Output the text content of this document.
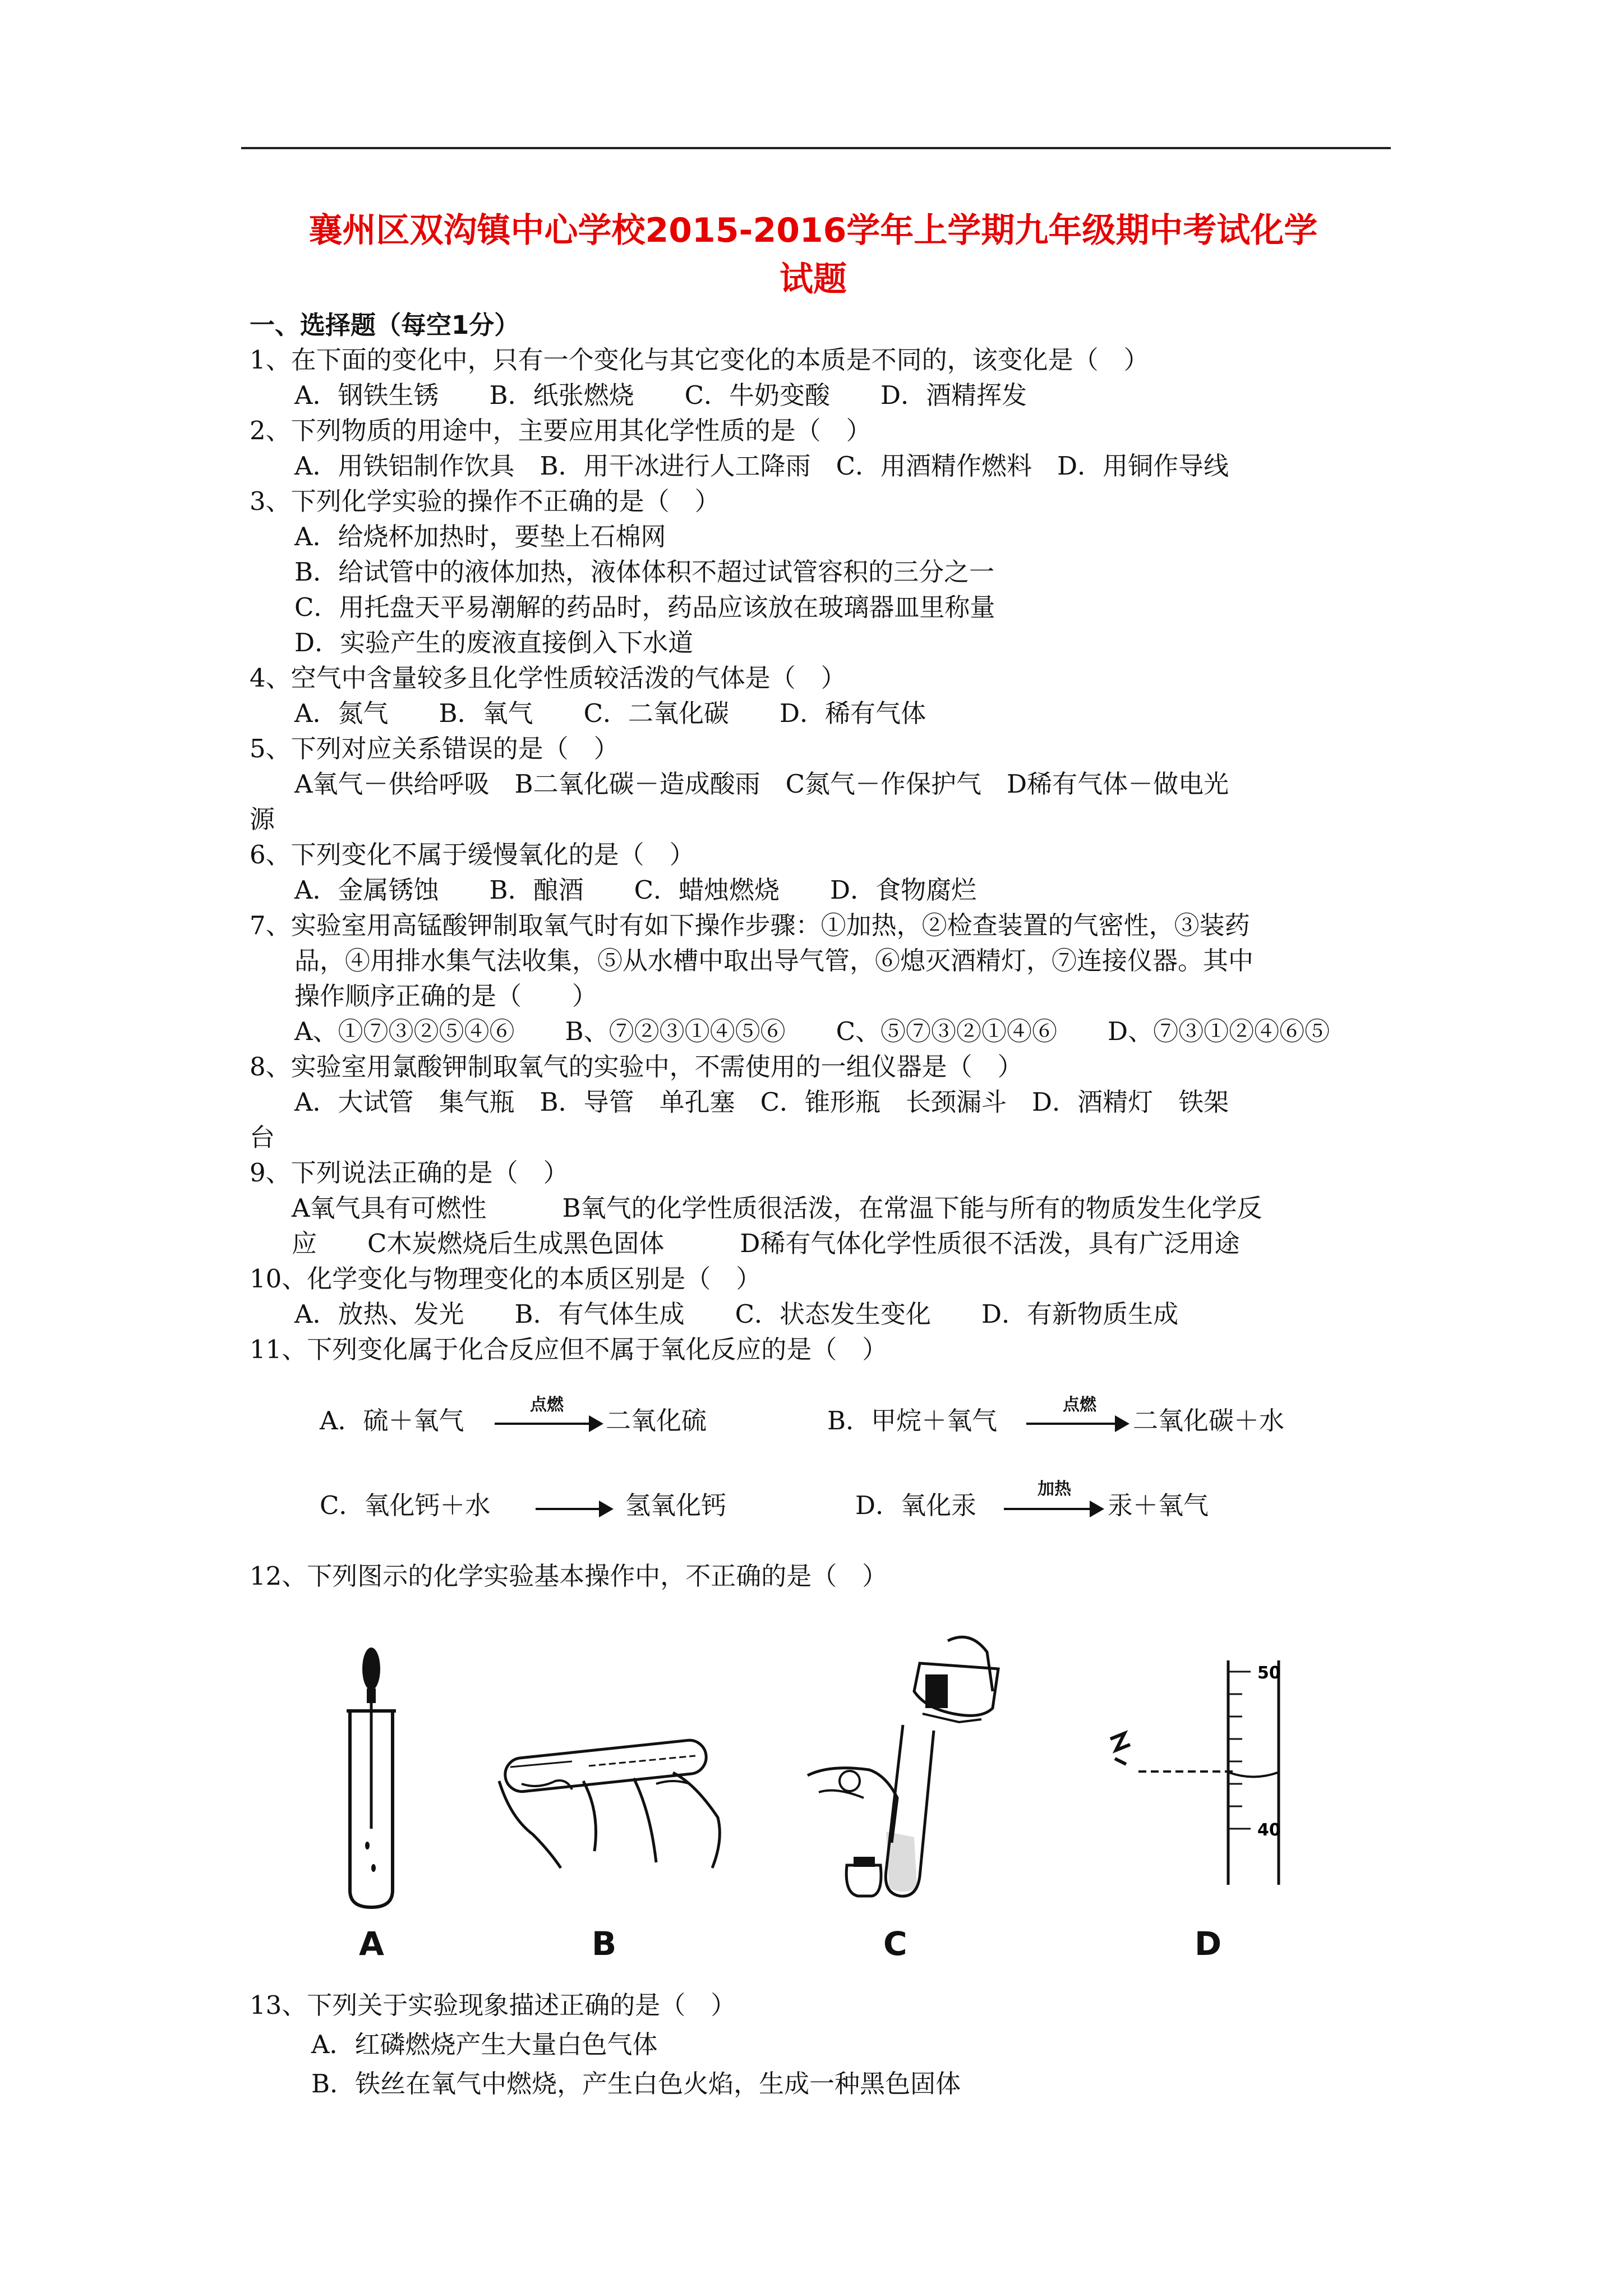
襄州区双沟镇中心学校2015-2016学年上学期九年级期中考试化学
试题
一、选择题（每空1分）
1、在下面的变化中，只有一个变化与其它变化的本质是不同的，该变化是（　）
A．钢铁生锈　　B．纸张燃烧　　C．牛奶变酸　　D．酒精挥发
2、下列物质的用途中，主要应用其化学性质的是（　）
A．用铁铝制作饮具　B．用干冰进行人工降雨　C．用酒精作燃料　D．用铜作导线
3、下列化学实验的操作不正确的是（　）
A．给烧杯加热时，要垫上石棉网
B．给试管中的液体加热，液体体积不超过试管容积的三分之一
C．用托盘天平易潮解的药品时，药品应该放在玻璃器皿里称量
D．实验产生的废液直接倒入下水道
4、空气中含量较多且化学性质较活泼的气体是（　）
A．氮气　　B．氧气　　C．二氧化碳　　D．稀有气体
5、下列对应关系错误的是（　）
A氧气－供给呼吸　B二氧化碳－造成酸雨　C氮气－作保护气　D稀有气体－做电光
源
6、下列变化不属于缓慢氧化的是（　）
A．金属锈蚀　　B．酿酒　　C．蜡烛燃烧　　D．食物腐烂
7、实验室用高锰酸钾制取氧气时有如下操作步骤：①加热，②检查装置的气密性，③装药
品，④用排水集气法收集，⑤从水槽中取出导气管，⑥熄灭酒精灯，⑦连接仪器。其中
操作顺序正确的是（　　）
A、①⑦③②⑤④⑥　　B、⑦②③①④⑤⑥　　C、⑤⑦③②①④⑥　　D、⑦③①②④⑥⑤
8、实验室用氯酸钾制取氧气的实验中，不需使用的一组仪器是（　）
A．大试管　集气瓶　B．导管　单孔塞　C．锥形瓶　长颈漏斗　D．酒精灯　铁架
台
9、下列说法正确的是（　）
A氧气具有可燃性　　　B氧气的化学性质很活泼，在常温下能与所有的物质发生化学反
应　　C木炭燃烧后生成黑色固体　　　D稀有气体化学性质很不活泼，具有广泛用途
10、化学变化与物理变化的本质区别是（　）
A．放热、发光　　B．有气体生成　　C．状态发生变化　　D．有新物质生成
11、下列变化属于化合反应但不属于氧化反应的是（　）
A．硫＋氧气
点燃
二氧化硫	B．甲烷＋氧气
点燃
二氧化碳＋水
C．氧化钙＋水	氢氧化钙	D．氧化汞
加热
汞＋氧气
12、下列图示的化学实验基本操作中，不正确的是（　）
A	B	C
50
40
D
13、下列关于实验现象描述正确的是（　）
A．红磷燃烧产生大量白色气体
B．铁丝在氧气中燃烧，产生白色火焰，生成一种黑色固体
